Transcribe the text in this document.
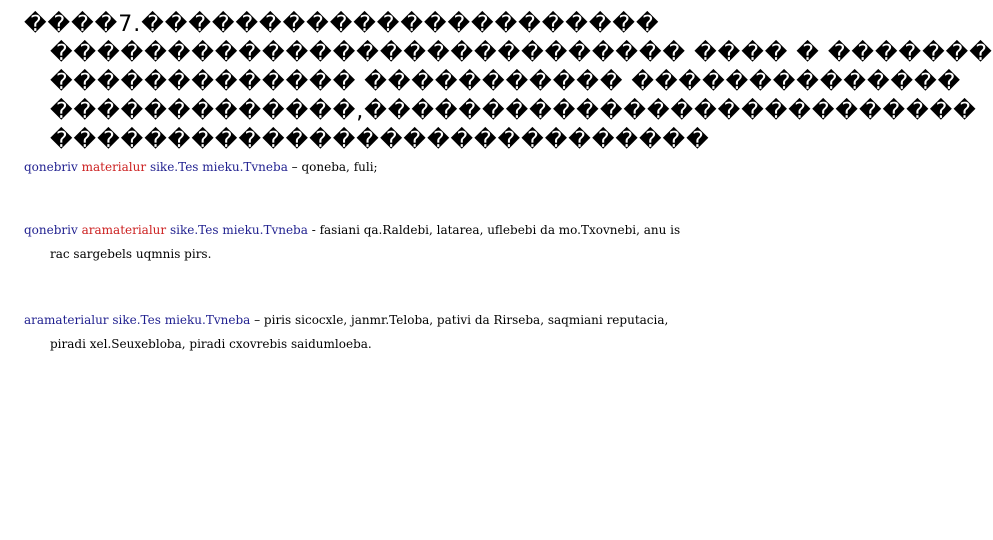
����7.����������������������
��������������������������� ���� � �������
������������� ����������� ��������������
�������������,��������������������������
����������������������������
qonebriv materialur sike.Tes mieku.Tvneba – qoneba, fuli;
qonebriv aramaterialur sike.Tes mieku.Tvneba - fasiani qa.Raldebi, latarea, uflebebi da mo.Txovnebi, anu is
rac sargebels uqmnis pirs.
aramaterialur sike.Tes mieku.Tvneba – piris sicocxle, janmr.Teloba, pativi da Rirseba, saqmiani reputacia,
piradi xel.Seuxebloba, piradi cxovrebis saidumloeba.
